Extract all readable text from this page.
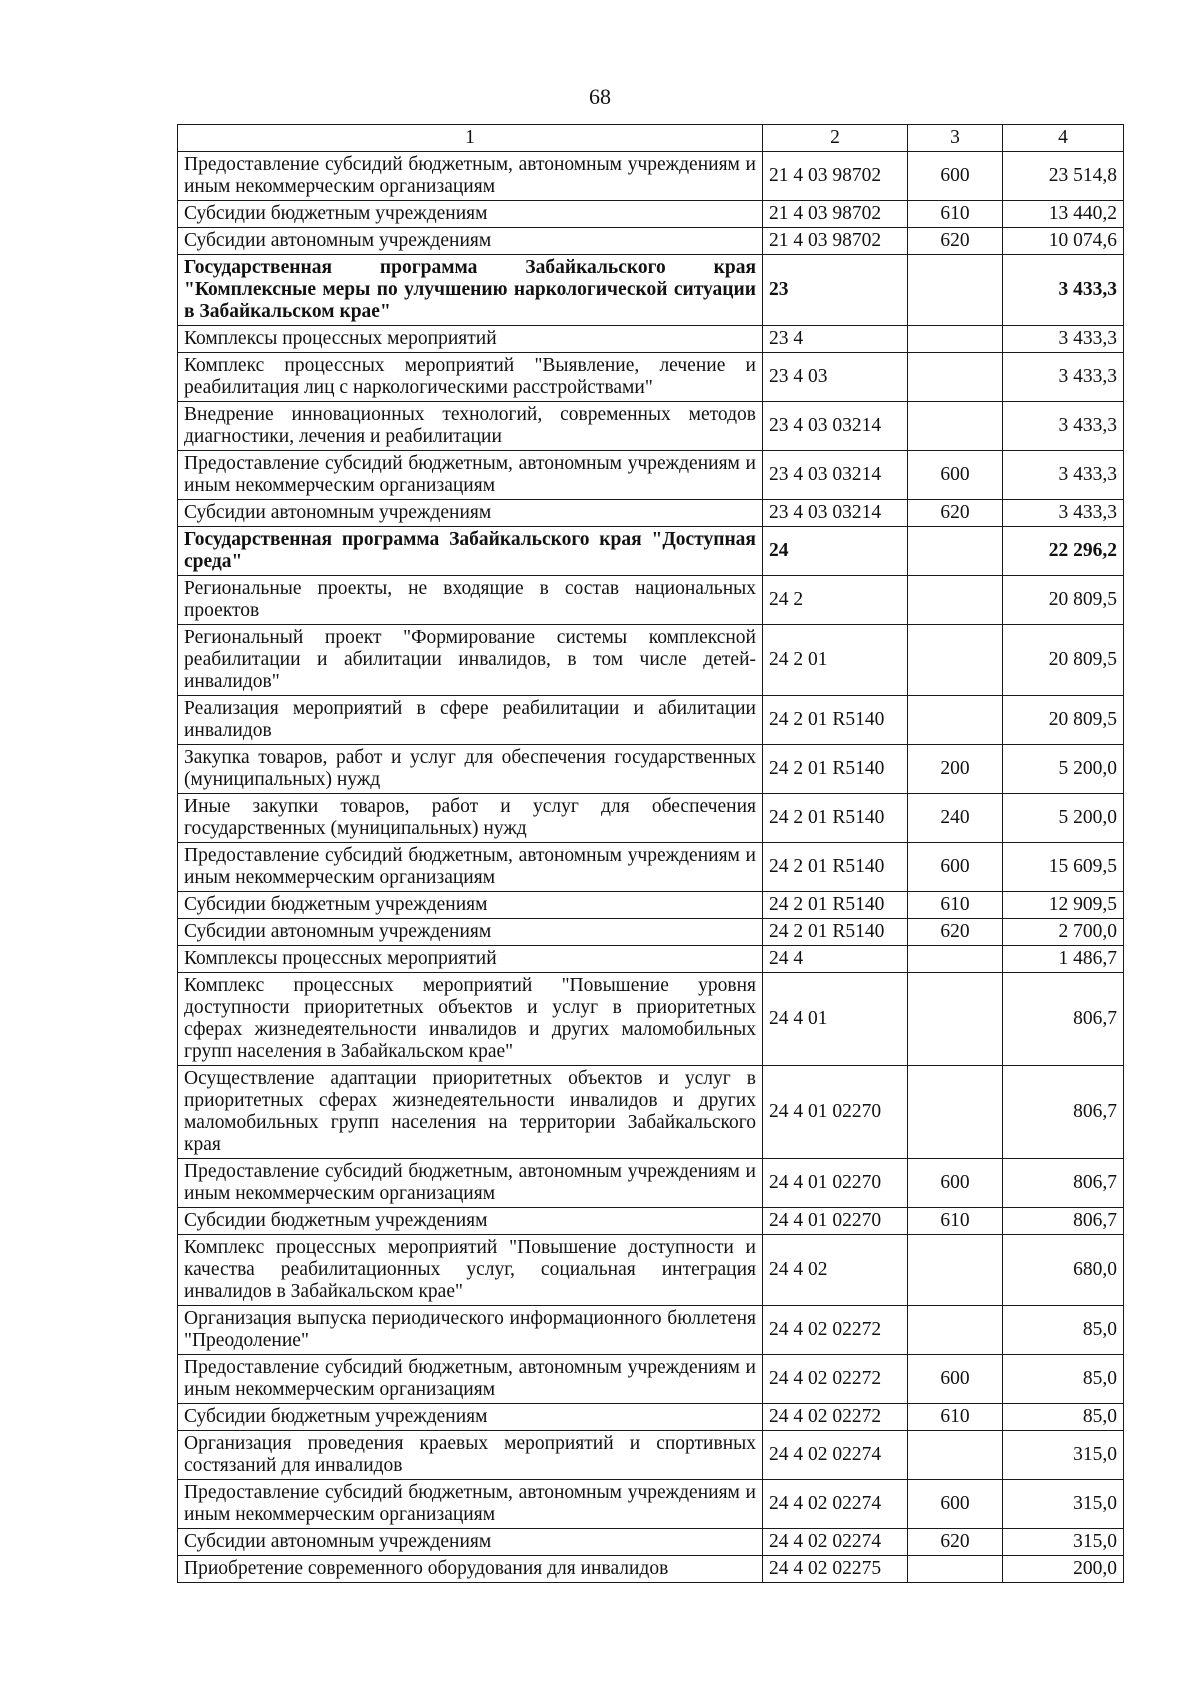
68
1	2	3	4
Предоставление субсидий бюджетным, автономным учреждениям и иным некоммерческим организациям	21 4 03 98702	600	23 514,8
Субсидии бюджетным учреждениям	21 4 03 98702	610	13 440,2
Субсидии автономным учреждениям	21 4 03 98702	620	10 074,6
Государственная программа Забайкальского края "Комплексные меры по улучшению наркологической ситуации в Забайкальском крае"	23		3 433,3
Комплексы процессных мероприятий	23 4		3 433,3
Комплекс процессных мероприятий "Выявление, лечение и реабилитация лиц с наркологическими расстройствами"	23 4 03		3 433,3
Внедрение инновационных технологий, современных методов диагностики, лечения и реабилитации	23 4 03 03214		3 433,3
Предоставление субсидий бюджетным, автономным учреждениям и иным некоммерческим организациям	23 4 03 03214	600	3 433,3
Субсидии автономным учреждениям	23 4 03 03214	620	3 433,3
Государственная программа Забайкальского края "Доступная среда"	24		22 296,2
Региональные проекты, не входящие в состав национальных проектов	24 2		20 809,5
Региональный проект "Формирование системы комплексной реабилитации и абилитации инвалидов, в том числе детей-инвалидов"	24 2 01		20 809,5
Реализация мероприятий в сфере реабилитации и абилитации инвалидов	24 2 01 R5140		20 809,5
Закупка товаров, работ и услуг для обеспечения государственных (муниципальных) нужд	24 2 01 R5140	200	5 200,0
Иные закупки товаров, работ и услуг для обеспечения государственных (муниципальных) нужд	24 2 01 R5140	240	5 200,0
Предоставление субсидий бюджетным, автономным учреждениям и иным некоммерческим организациям	24 2 01 R5140	600	15 609,5
Субсидии бюджетным учреждениям	24 2 01 R5140	610	12 909,5
Субсидии автономным учреждениям	24 2 01 R5140	620	2 700,0
Комплексы процессных мероприятий	24 4		1 486,7
Комплекс процессных мероприятий "Повышение уровня доступности приоритетных объектов и услуг в приоритетных сферах жизнедеятельности инвалидов и других маломобильных групп населения в Забайкальском крае"	24 4 01		806,7
Осуществление адаптации приоритетных объектов и услуг в приоритетных сферах жизнедеятельности инвалидов и других маломобильных групп населения на территории Забайкальского края	24 4 01 02270		806,7
Предоставление субсидий бюджетным, автономным учреждениям и иным некоммерческим организациям	24 4 01 02270	600	806,7
Субсидии бюджетным учреждениям	24 4 01 02270	610	806,7
Комплекс процессных мероприятий "Повышение доступности и качества реабилитационных услуг, социальная интеграция инвалидов в Забайкальском крае"	24 4 02		680,0
Организация выпуска периодического информационного бюллетеня "Преодоление"	24 4 02 02272		85,0
Предоставление субсидий бюджетным, автономным учреждениям и иным некоммерческим организациям	24 4 02 02272	600	85,0
Субсидии бюджетным учреждениям	24 4 02 02272	610	85,0
Организация проведения краевых мероприятий и спортивных состязаний для инвалидов	24 4 02 02274		315,0
Предоставление субсидий бюджетным, автономным учреждениям и иным некоммерческим организациям	24 4 02 02274	600	315,0
Субсидии автономным учреждениям	24 4 02 02274	620	315,0
Приобретение современного оборудования для инвалидов	24 4 02 02275		200,0
